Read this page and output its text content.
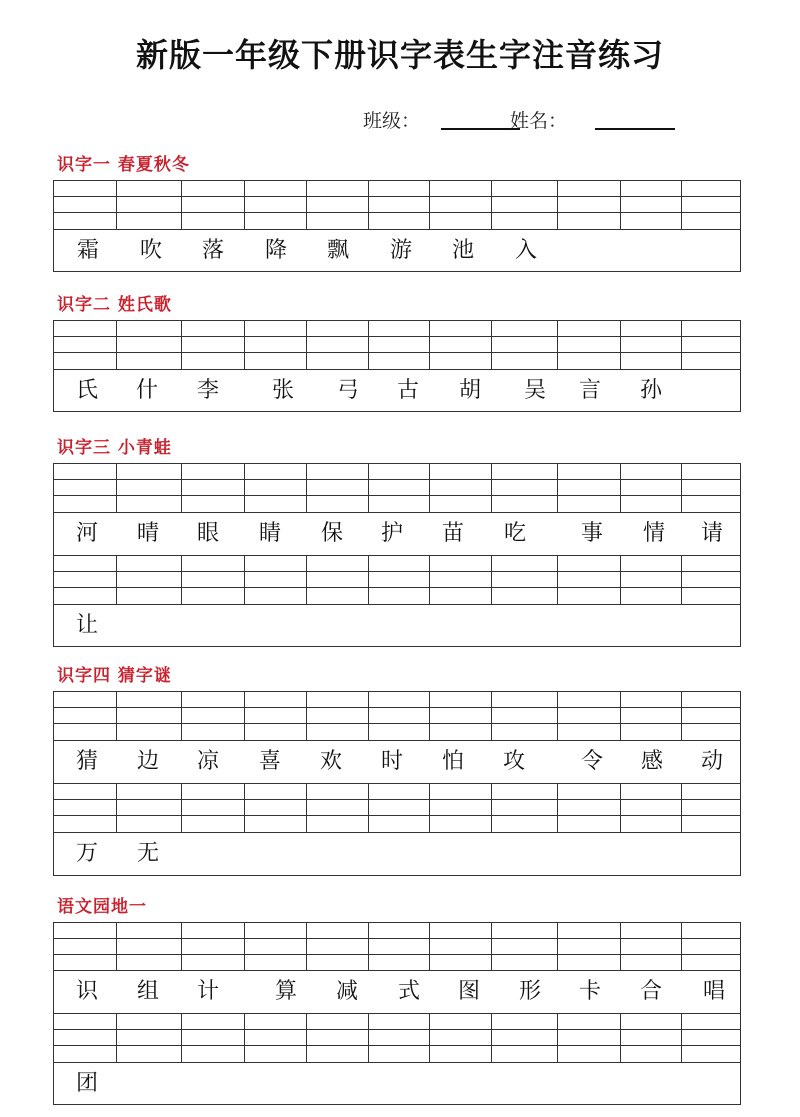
新版一年级下册识字表生字注音练习
班级：	姓名：
识字一 春夏秋冬
霜 吹 落 降 飘 游 池 入
识字二 姓氏歌
氏 什 李 张 弓 古 胡 吴 言 孙
识字三 小青蛙
河 晴 眼 睛 保 护 苗 吃 事 情 请
让
识字四 猜字谜
猜 边 凉 喜 欢 时 怕 攻	令 感 动
万 无
语文园地一
识 组 计	算 减 式 图 形 卡 合 唱
团
